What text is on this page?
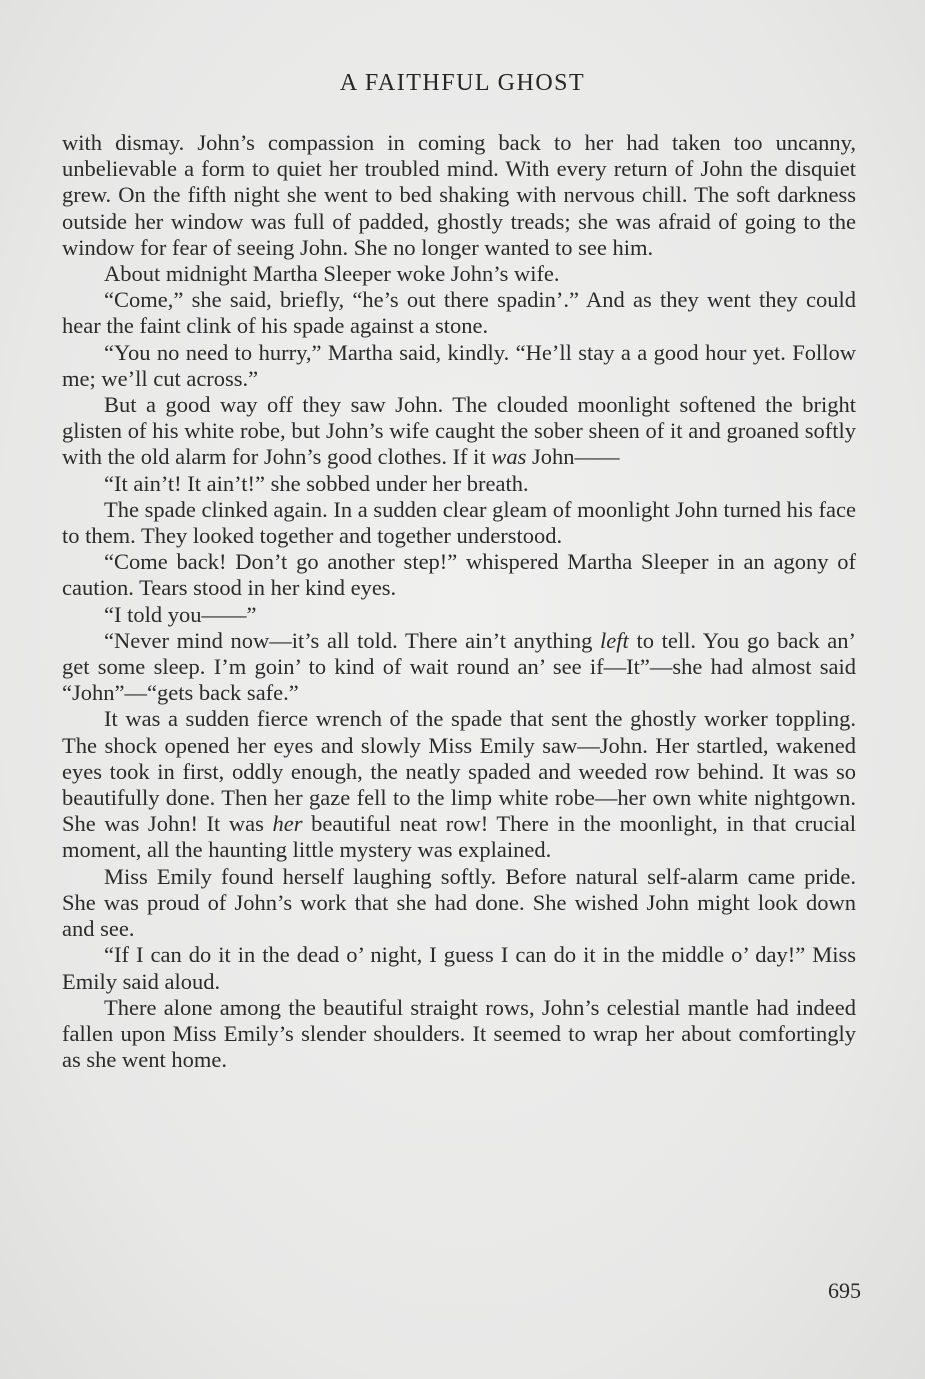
A FAITHFUL GHOST

with dismay. John’s compassion in coming back to her had taken too uncanny, unbelievable a form to quiet her troubled mind. With every return of John the disquiet grew. On the fifth night she went to bed shaking with nervous chill. The soft darkness outside her window was full of padded, ghostly treads; she was afraid of going to the window for fear of seeing John. She no longer wanted to see him.

About midnight Martha Sleeper woke John’s wife.

“Come,” she said, briefly, “he’s out there spadin’.” And as they went they could hear the faint clink of his spade against a stone.

“You no need to hurry,” Martha said, kindly. “He’ll stay a a good hour yet. Follow me; we’ll cut across.”

But a good way off they saw John. The clouded moonlight softened the bright glisten of his white robe, but John’s wife caught the sober sheen of it and groaned softly with the old alarm for John’s good clothes. If it was John——

“It ain’t! It ain’t!” she sobbed under her breath.

The spade clinked again. In a sudden clear gleam of moonlight John turned his face to them. They looked together and together understood.

“Come back! Don’t go another step!” whispered Martha Sleeper in an agony of caution. Tears stood in her kind eyes.

“I told you——”

“Never mind now—it’s all told. There ain’t anything left to tell. You go back an’ get some sleep. I’m goin’ to kind of wait round an’ see if—It”—she had almost said “John”—“gets back safe.”

It was a sudden fierce wrench of the spade that sent the ghostly worker toppling. The shock opened her eyes and slowly Miss Emily saw—John. Her startled, wakened eyes took in first, oddly enough, the neatly spaded and weeded row behind. It was so beautifully done. Then her gaze fell to the limp white robe—her own white nightgown. She was John! It was her beautiful neat row! There in the moonlight, in that crucial moment, all the haunting little mystery was explained.

Miss Emily found herself laughing softly. Before natural self-alarm came pride. She was proud of John’s work that she had done. She wished John might look down and see.

“If I can do it in the dead o’ night, I guess I can do it in the middle o’ day!” Miss Emily said aloud.

There alone among the beautiful straight rows, John’s celestial mantle had indeed fallen upon Miss Emily’s slender shoulders. It seemed to wrap her about comfortingly as she went home.

695
